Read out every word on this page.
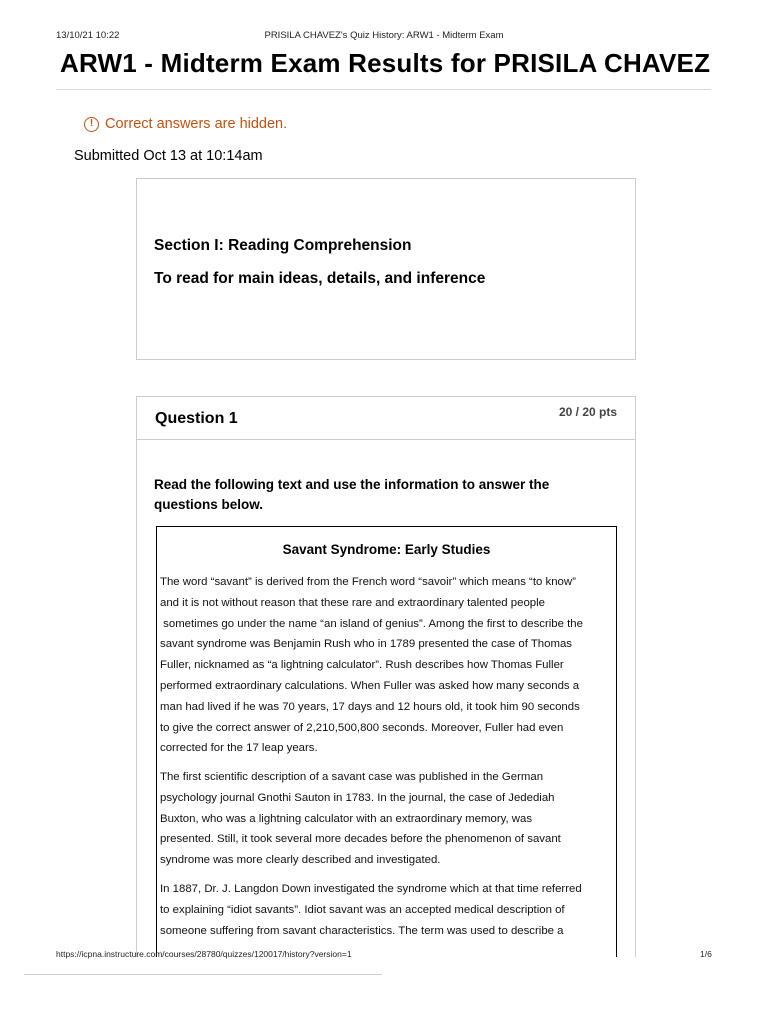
13/10/21 10:22	PRISILA CHAVEZ's Quiz History: ARW1 - Midterm Exam
ARW1 - Midterm Exam Results for PRISILA CHAVEZ
! Correct answers are hidden.
Submitted Oct 13 at 10:14am
Section I: Reading Comprehension
To read for main ideas, details, and inference
Question 1	20 / 20 pts
Read the following text and use the information to answer the
questions below.
Savant Syndrome: Early Studies
The word “savant” is derived from the French word “savoir” which means “to know”
and it is not without reason that these rare and extraordinary talented people
sometimes go under the name “an island of genius”. Among the first to describe the
savant syndrome was Benjamin Rush who in 1789 presented the case of Thomas
Fuller, nicknamed as “a lightning calculator”. Rush describes how Thomas Fuller
performed extraordinary calculations. When Fuller was asked how many seconds a
man had lived if he was 70 years, 17 days and 12 hours old, it took him 90 seconds
to give the correct answer of 2,210,500,800 seconds. Moreover, Fuller had even
corrected for the 17 leap years.
The first scientific description of a savant case was published in the German
psychology journal Gnothi Sauton in 1783. In the journal, the case of Jedediah
Buxton, who was a lightning calculator with an extraordinary memory, was
presented. Still, it took several more decades before the phenomenon of savant
syndrome was more clearly described and investigated.
In 1887, Dr. J. Langdon Down investigated the syndrome which at that time referred
to explaining “idiot savants”. Idiot savant was an accepted medical description of
someone suffering from savant characteristics. The term was used to describe a
https://icpna.instructure.com/courses/28780/quizzes/120017/history?version=1	1/6
